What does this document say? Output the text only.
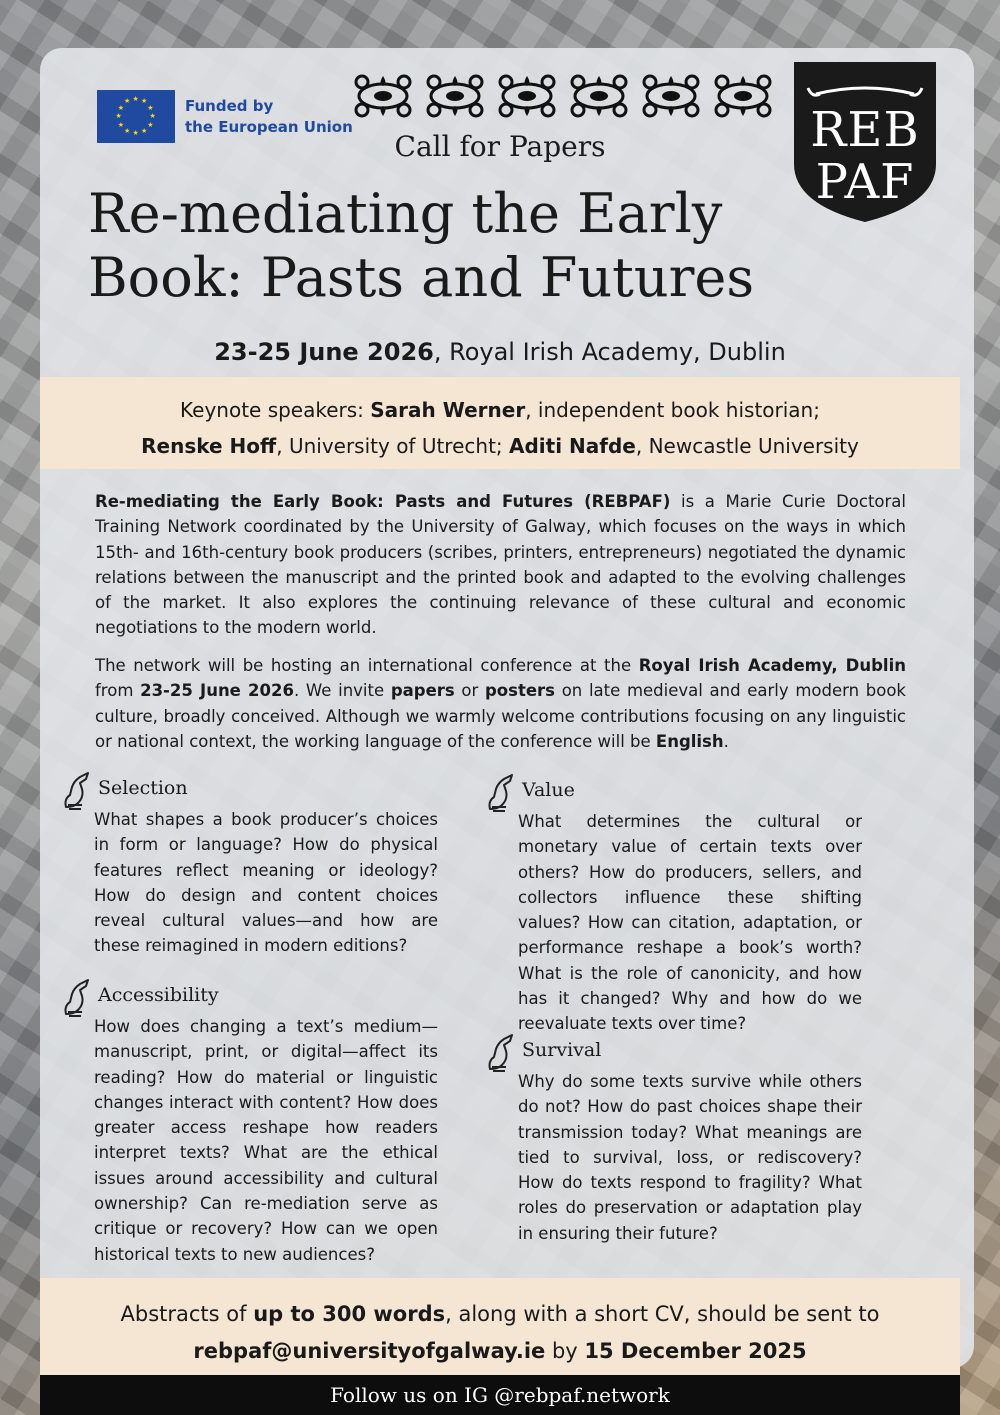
★
★
★
★
★
★
★
★
★ ★ ★
★ Funded by
the European Union	REB
PAF
Call for Papers
Re-mediating the Early
Book: Pasts and Futures
23-25 June 2026, Royal Irish Academy, Dublin
Keynote speakers: Sarah Werner, independent book historian;
Renske Hoff, University of Utrecht; Aditi Nafde, Newcastle University

Re-mediating the Early Book: Pasts and Futures (REBPAF) is a Marie Curie Doctoral Training Network coordinated by the University of Galway, which focuses on the ways in which 15th- and 16th-century book producers (scribes, printers, entrepreneurs) negotiated the dynamic relations between the manuscript and the printed book and adapted to the evolving challenges of the market. It also explores the continuing relevance of these cultural and economic negotiations to the modern world.

The network will be hosting an international conference at the Royal Irish Academy, Dublin from 23-25 June 2026. We invite papers or posters on late medieval and early modern book culture, broadly conceived. Although we warmly welcome contributions focusing on any linguistic or national context, the working language of the conference will be English.

Selection

What shapes a book producer’s choices in form or language? How do physical features reflect meaning or ideology? How do design and content choices reveal cultural values—and how are these reimagined in modern editions?

Value

What determines the cultural or monetary value of certain texts over others? How do producers, sellers, and collectors influence these shifting values? How can citation, adaptation, or performance reshape a book’s worth? What is the role of canonicity, and how has it changed? Why and how do we reevaluate texts over time?

Accessibility

How does changing a text’s medium—manuscript, print, or digital—affect its reading? How do material or linguistic changes interact with content? How does greater access reshape how readers interpret texts? What are the ethical issues around accessibility and cultural ownership? Can re-mediation serve as critique or recovery? How can we open historical texts to new audiences?

Survival

Why do some texts survive while others do not? How do past choices shape their transmission today? What meanings are tied to survival, loss, or rediscovery? How do texts respond to fragility? What roles do preservation or adaptation play in ensuring their future?

Abstracts of up to 300 words, along with a short CV, should be sent to
rebpaf@universityofgalway.ie by 15 December 2025
Follow us on IG @rebpaf.network
